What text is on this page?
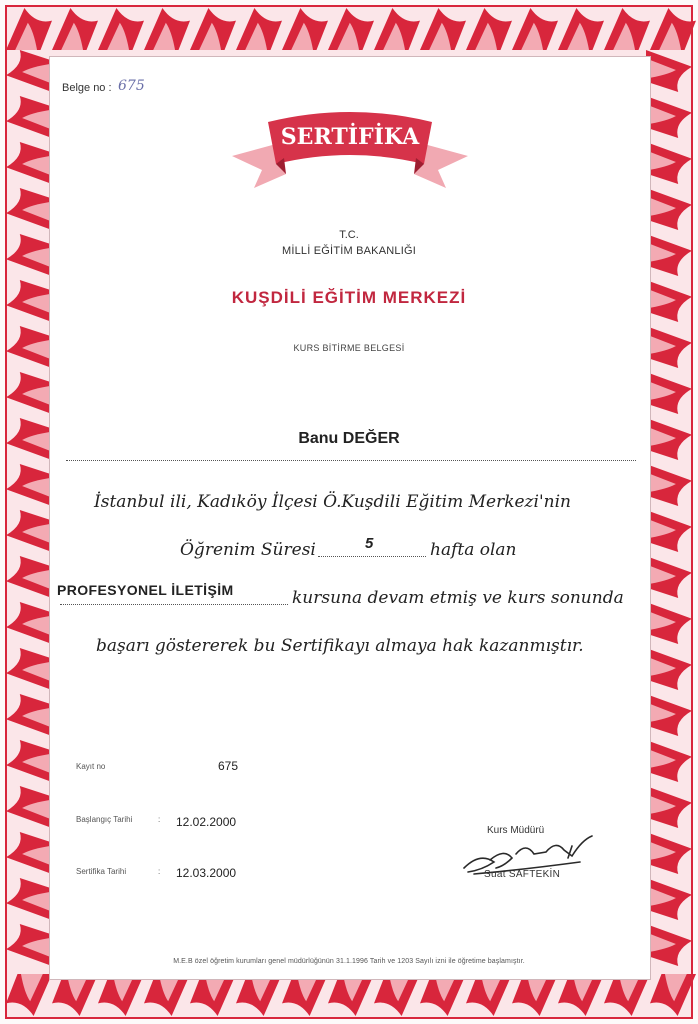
Belge no : 675
SERTİFİKA
T.C.
MİLLİ EĞİTİM BAKANLIĞI
KUŞDİLİ EĞİTİM MERKEZİ
KURS BİTİRME BELGESİ
Banu DEĞER
İstanbul ili, Kadıköy İlçesi Ö.Kuşdili Eğitim Merkezi'nin
Öğrenim Süresi	5	hafta olan
PROFESYONEL İLETİŞİM	kursuna devam etmiş ve kurs sonunda
başarı göstererek bu Sertifikayı almaya hak kazanmıştır.
Kayıt no	675
Başlangıç Tarihi	: 12.02.2000
Sertifika Tarihi	: 12.03.2000
Kurs Müdürü
Suat SAFTEKİN
M.E.B özel öğretim kurumları genel müdürlüğünün 31.1.1996 Tarih ve 1203 Sayılı izni ile öğretime başlamıştır.
